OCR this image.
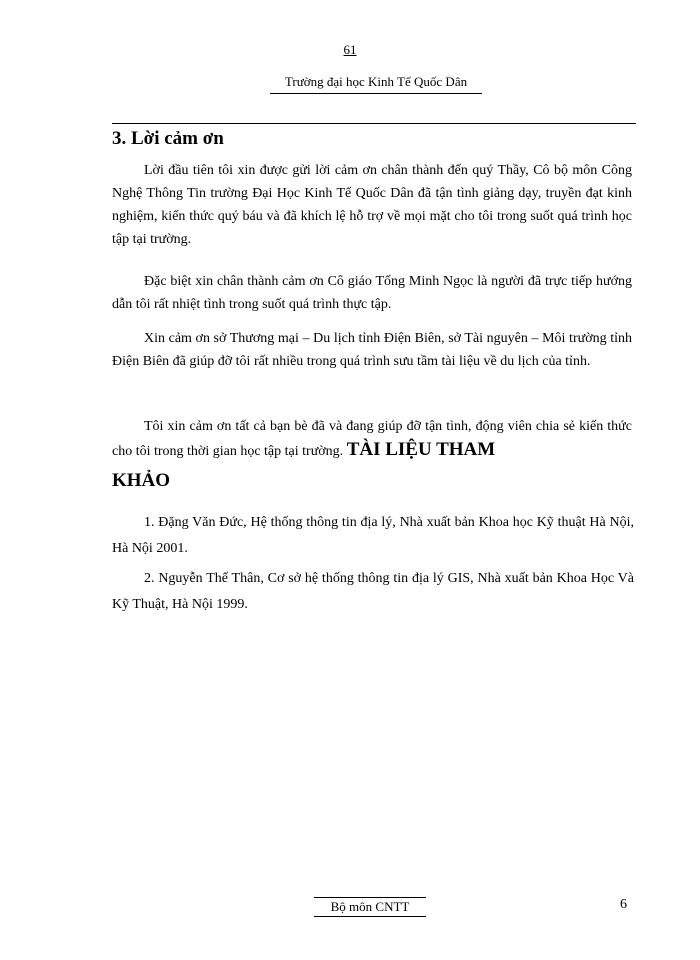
61
Trường đại học Kinh Tế Quốc Dân
3. Lời cảm ơn

Lời đầu tiên tôi xin được gửi lời cảm ơn chân thành đến quý Thầy, Cô bộ môn Công Nghệ Thông Tin trường Đại Học Kinh Tế Quốc Dân đã tận tình giảng dạy, truyền đạt kinh nghiệm, kiến thức quý báu và đã khích lệ hỗ trợ về mọi mặt cho tôi trong suốt quá trình học tập tại trường.

Đặc biệt xin chân thành cảm ơn Cô giáo Tống Minh Ngọc là người đã trực tiếp hướng dẫn tôi rất nhiệt tình trong suốt quá trình thực tập.

Xin cảm ơn sở Thương mại – Du lịch tỉnh Điện Biên, sở Tài nguyên – Môi trường tỉnh Điện Biên đã giúp đỡ tôi rất nhiều trong quá trình sưu tầm tài liệu về du lịch của tỉnh.

Tôi xin cảm ơn tất cả bạn bè đã và đang giúp đỡ tận tình, động viên chia sẻ kiến thức cho tôi trong thời gian học tập tại trường. TÀI LIỆU THAM

KHẢO

1. Đặng Văn Đức, Hệ thống thông tin địa lý, Nhà xuất bản Khoa học Kỹ thuật Hà Nội, Hà Nội 2001.

2. Nguyễn Thế Thân, Cơ sở hệ thống thông tin địa lý GIS, Nhà xuất bản Khoa Học Và Kỹ Thuật, Hà Nội 1999.

Bộ môn CNTT	6
